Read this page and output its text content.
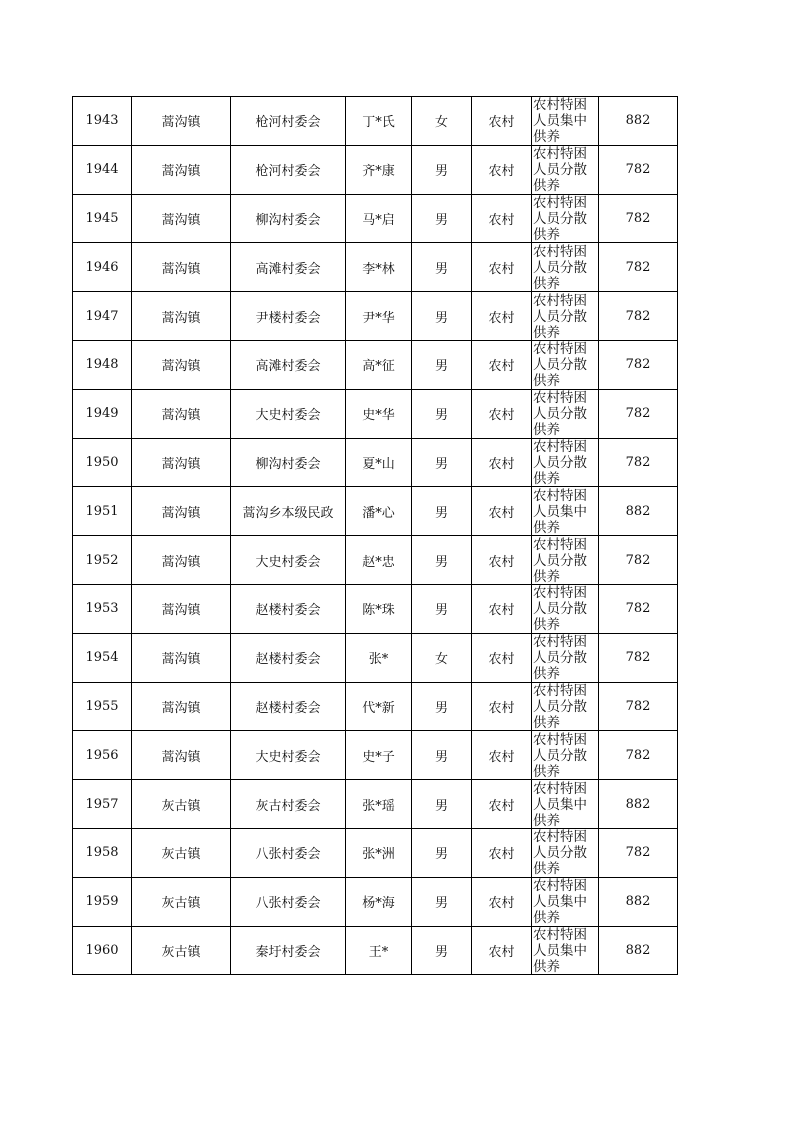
1943	蒿沟镇	枪河村委会	丁*氏	女	农村	农村特困人员集中供养	882
1944	蒿沟镇	枪河村委会	齐*康	男	农村	农村特困人员分散供养	782
1945	蒿沟镇	柳沟村委会	马*启	男	农村	农村特困人员分散供养	782
1946	蒿沟镇	高滩村委会	李*林	男	农村	农村特困人员分散供养	782
1947	蒿沟镇	尹楼村委会	尹*华	男	农村	农村特困人员分散供养	782
1948	蒿沟镇	高滩村委会	高*征	男	农村	农村特困人员分散供养	782
1949	蒿沟镇	大史村委会	史*华	男	农村	农村特困人员分散供养	782
1950	蒿沟镇	柳沟村委会	夏*山	男	农村	农村特困人员分散供养	782
1951	蒿沟镇	蒿沟乡本级民政	潘*心	男	农村	农村特困人员集中供养	882
1952	蒿沟镇	大史村委会	赵*忠	男	农村	农村特困人员分散供养	782
1953	蒿沟镇	赵楼村委会	陈*珠	男	农村	农村特困人员分散供养	782
1954	蒿沟镇	赵楼村委会	张*	女	农村	农村特困人员分散供养	782
1955	蒿沟镇	赵楼村委会	代*新	男	农村	农村特困人员分散供养	782
1956	蒿沟镇	大史村委会	史*子	男	农村	农村特困人员分散供养	782
1957	灰古镇	灰古村委会	张*瑶	男	农村	农村特困人员集中供养	882
1958	灰古镇	八张村委会	张*洲	男	农村	农村特困人员分散供养	782
1959	灰古镇	八张村委会	杨*海	男	农村	农村特困人员集中供养	882
1960	灰古镇	秦圩村委会	王*	男	农村	农村特困人员集中供养	882
